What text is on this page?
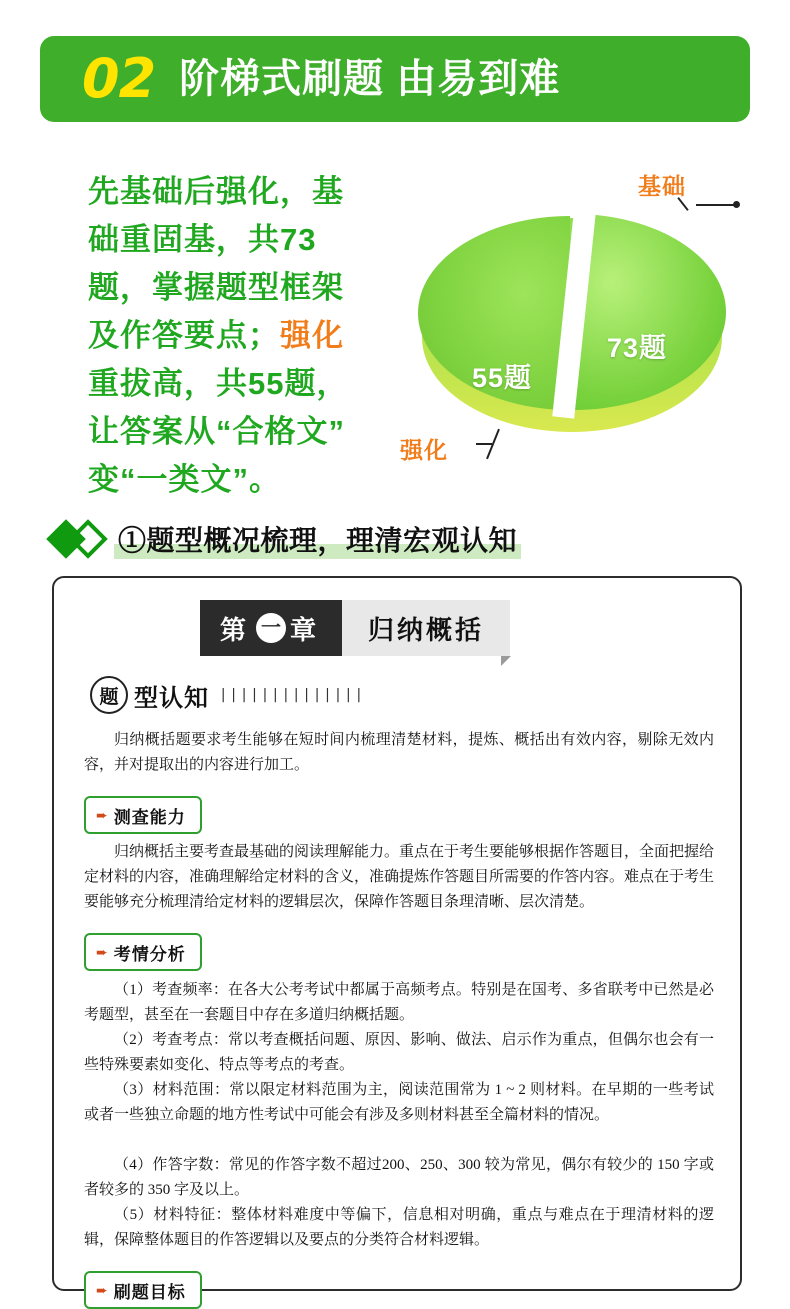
02 阶梯式刷题 由易到难
先基础后强化，基
础重固基，共73
题，掌握题型框架
及作答要点；强化
重拔高，共55题，
让答案从“合格文”
变“一类文”。
55题
73题
基础
强化
①题型概况梳理，理清宏观认知
第 一 章	归纳概括
题 型认知 ||||||||||||||
归纳概括题要求考生能够在短时间内梳理清楚材料，提炼、概括出有效内容，剔除无效内容，并对提取出的内容进行加工。
➨ 测查能力
归纳概括主要考查最基础的阅读理解能力。重点在于考生要能够根据作答题目，全面把握给定材料的内容，准确理解给定材料的含义，准确提炼作答题目所需要的作答内容。难点在于考生要能够充分梳理清给定材料的逻辑层次，保障作答题目条理清晰、层次清楚。
➨ 考情分析
（1）考查频率：在各大公考考试中都属于高频考点。特别是在国考、多省联考中已然是必考题型，甚至在一套题目中存在多道归纳概括题。
（2）考查考点：常以考查概括问题、原因、影响、做法、启示作为重点，但偶尔也会有一些特殊要素如变化、特点等考点的考查。
（3）材料范围：常以限定材料范围为主，阅读范围常为 1 ~ 2 则材料。在早期的一些考试或者一些独立命题的地方性考试中可能会有涉及多则材料甚至全篇材料的情况。
（4）作答字数：常见的作答字数不超过200、250、300 较为常见，偶尔有较少的 150 字或者较多的 350 字及以上。
（5）材料特征：整体材料难度中等偏下，信息相对明确，重点与难点在于理清材料的逻辑，保障整体题目的作答逻辑以及要点的分类符合材料逻辑。
➨ 刷题目标
